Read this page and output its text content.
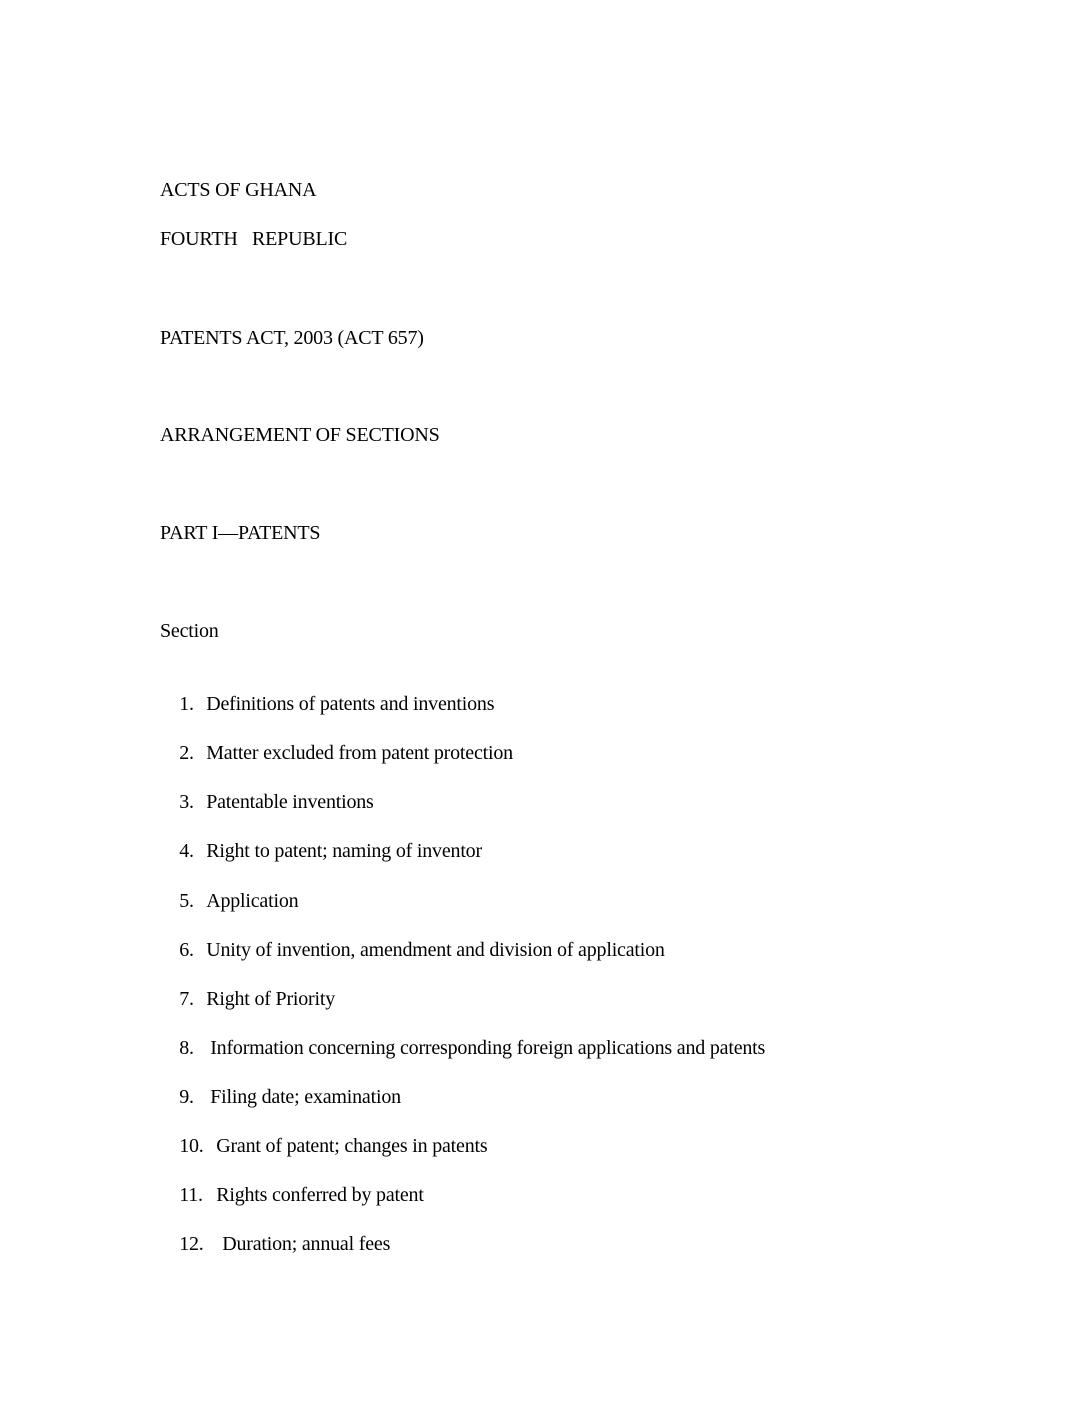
ACTS OF GHANA
FOURTH   REPUBLIC
PATENTS ACT, 2003 (ACT 657)
ARRANGEMENT OF SECTIONS
PART I—PATENTS
Section

1. Definitions of patents and inventions

2. Matter excluded from patent protection

3. Patentable inventions

4. Right to patent; naming of inventor

5. Application

6. Unity of invention, amendment and division of application

7. Right of Priority

8. Information concerning corresponding foreign applications and patents

9. Filing date; examination

10. Grant of patent; changes in patents

11. Rights conferred by patent

12. Duration; annual fees
